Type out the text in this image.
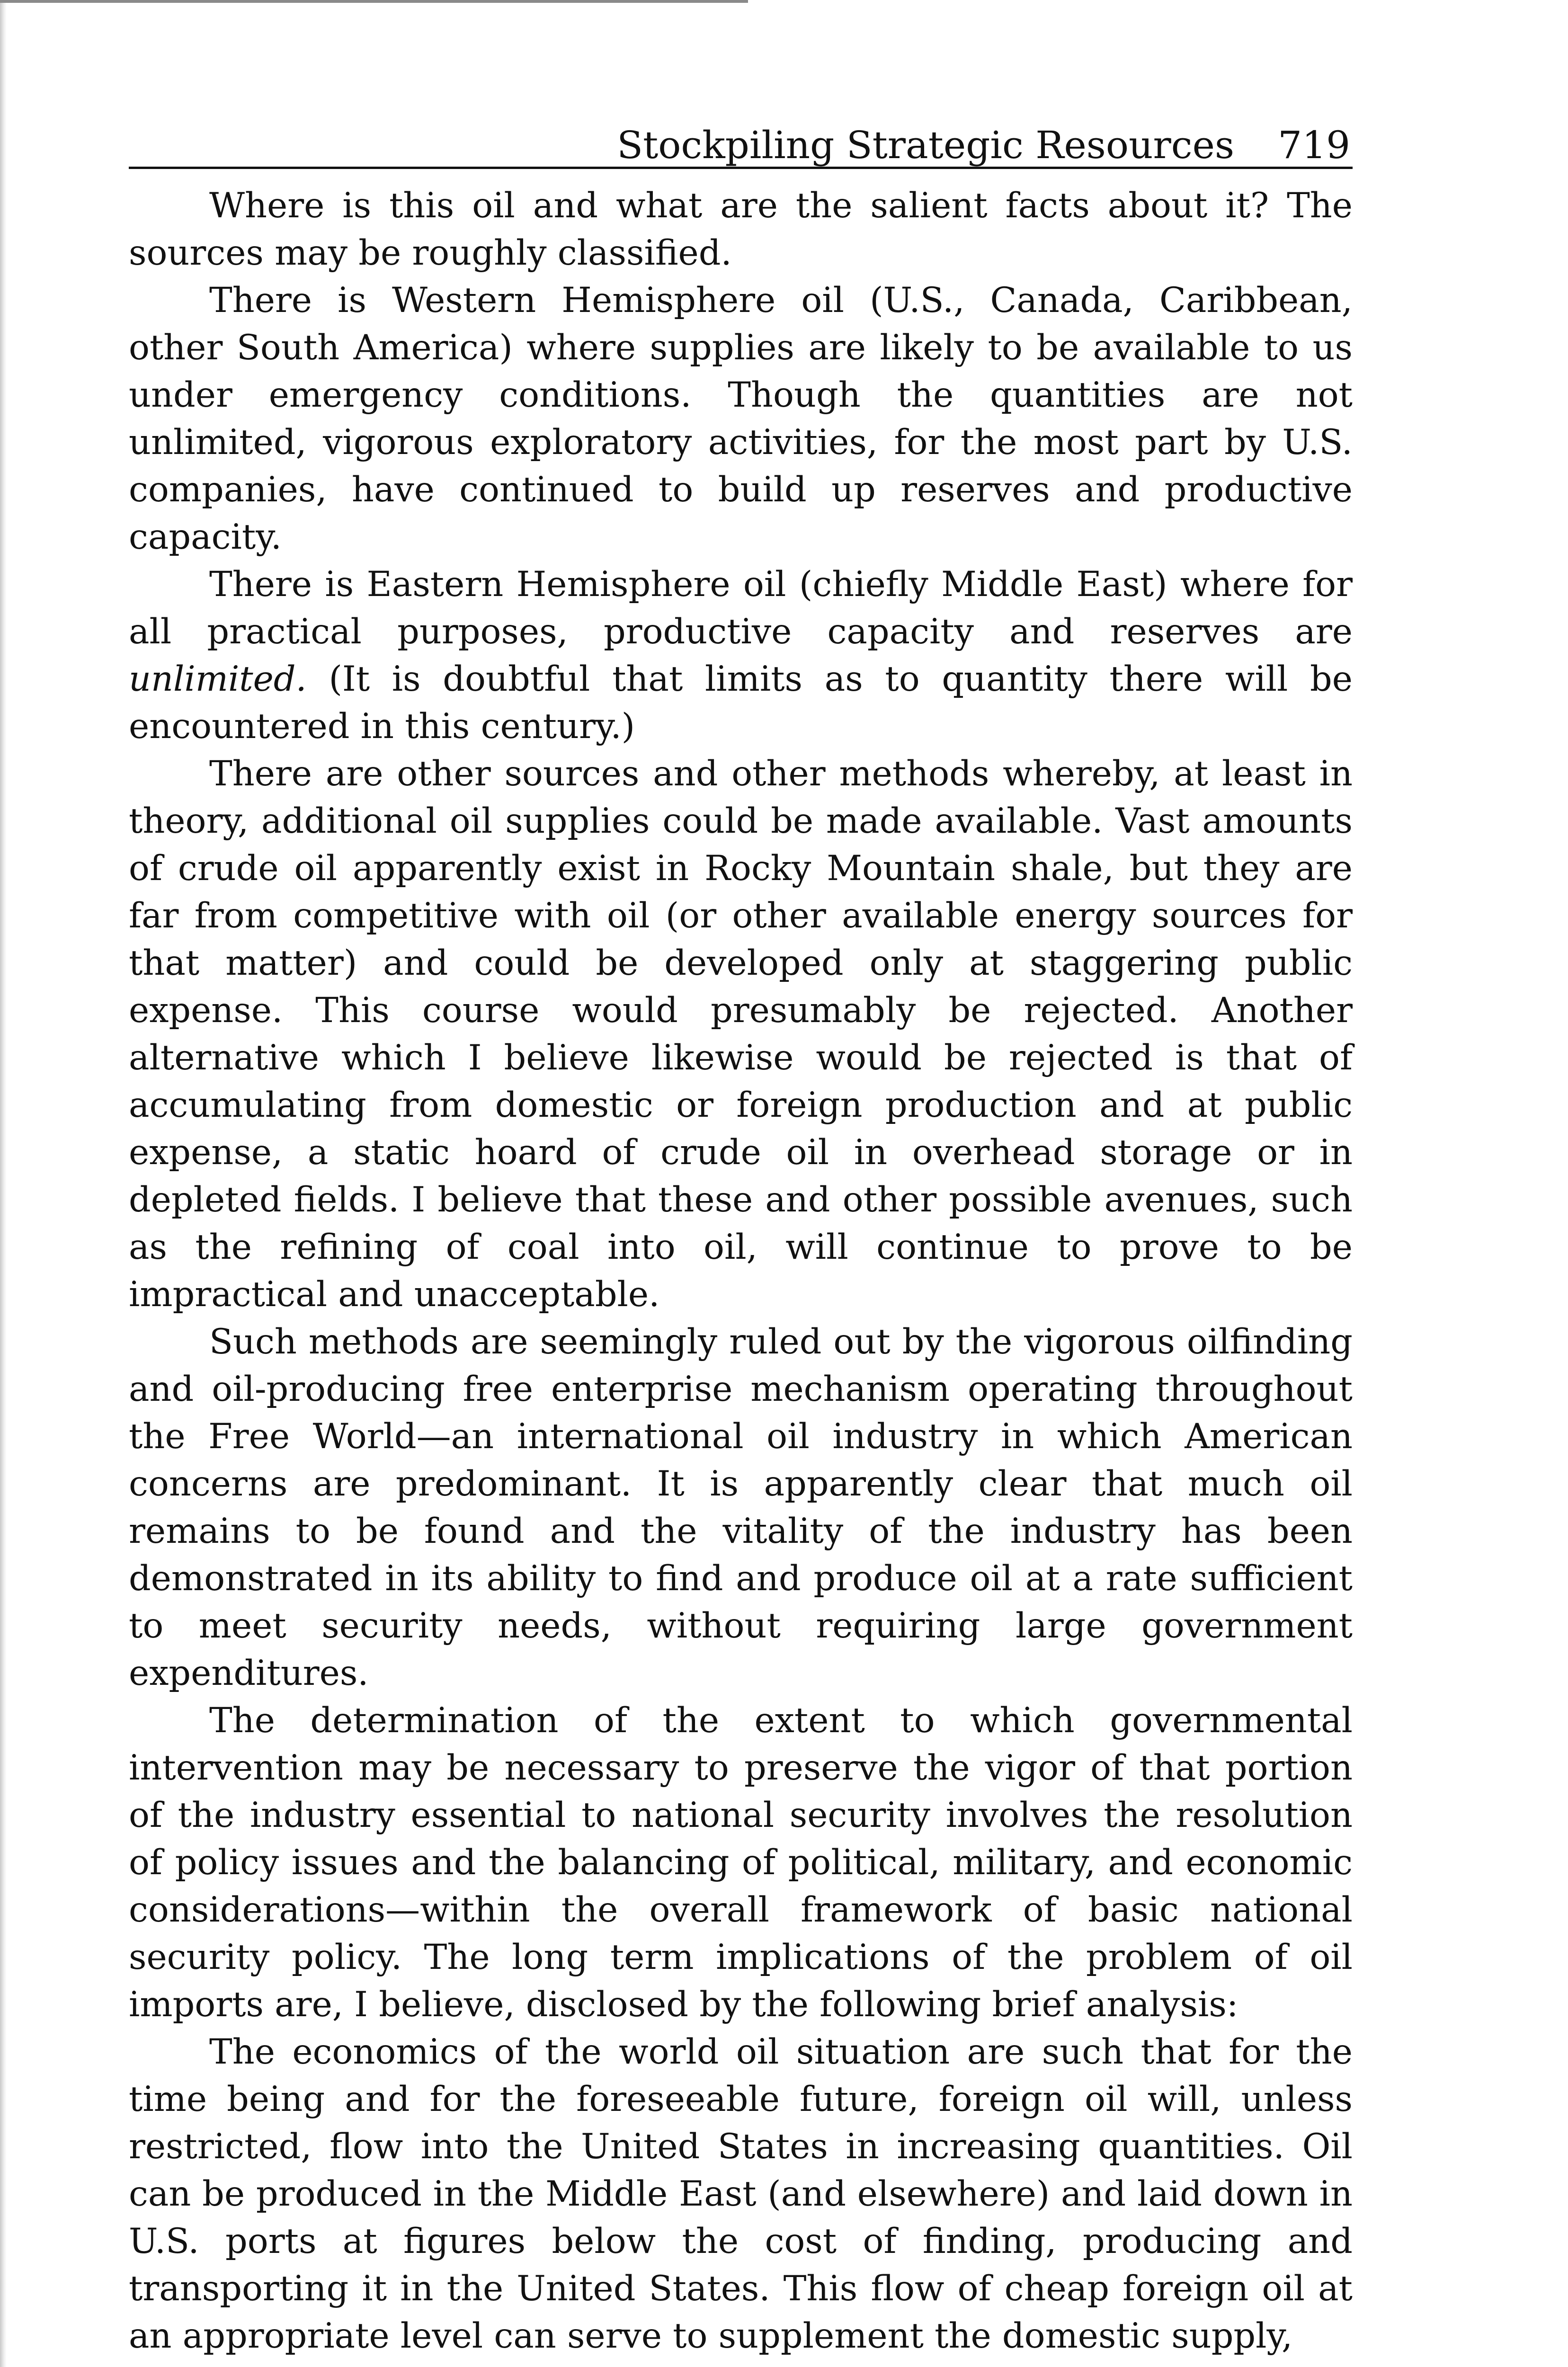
Stockpiling Strategic Resources 719

Where is this oil and what are the salient facts about it? The sources may be roughly classified.

There is Western Hemisphere oil (U.S., Canada, Caribbean, other South America) where supplies are likely to be available to us under emergency conditions. Though the quantities are not unlimited, vigorous exploratory activities, for the most part by U.S. companies, have continued to build up reserves and productive capacity.

There is Eastern Hemisphere oil (chiefly Middle East) where for all practical purposes, productive capacity and reserves are unlimited. (It is doubtful that limits as to quantity there will be encountered in this century.)

There are other sources and other methods whereby, at least in theory, additional oil supplies could be made available. Vast amounts of crude oil apparently exist in Rocky Mountain shale, but they are far from competitive with oil (or other available energy sources for that matter) and could be developed only at staggering public expense. This course would presumably be rejected. Another alternative which I believe likewise would be rejected is that of accumulating from domestic or foreign production and at public expense, a static hoard of crude oil in overhead storage or in depleted fields. I believe that these and other possible avenues, such as the refining of coal into oil, will continue to prove to be impractical and unacceptable.

Such methods are seemingly ruled out by the vigorous oilfinding and oil-producing free enterprise mechanism operating throughout the Free World—an international oil industry in which American concerns are predominant. It is apparently clear that much oil remains to be found and the vitality of the industry has been demonstrated in its ability to find and produce oil at a rate sufficient to meet security needs, without requiring large government expenditures.

The determination of the extent to which governmental intervention may be necessary to preserve the vigor of that portion of the industry essential to national security involves the resolution of policy issues and the balancing of political, military, and economic considerations—within the overall framework of basic national security policy. The long term implications of the problem of oil imports are, I believe, disclosed by the following brief analysis:

The economics of the world oil situation are such that for the time being and for the foreseeable future, foreign oil will, unless restricted, flow into the United States in increasing quantities. Oil can be produced in the Middle East (and elsewhere) and laid down in U.S. ports at figures below the cost of finding, producing and transporting it in the United States. This flow of cheap foreign oil at an appropriate level can serve to supplement the domestic supply,
